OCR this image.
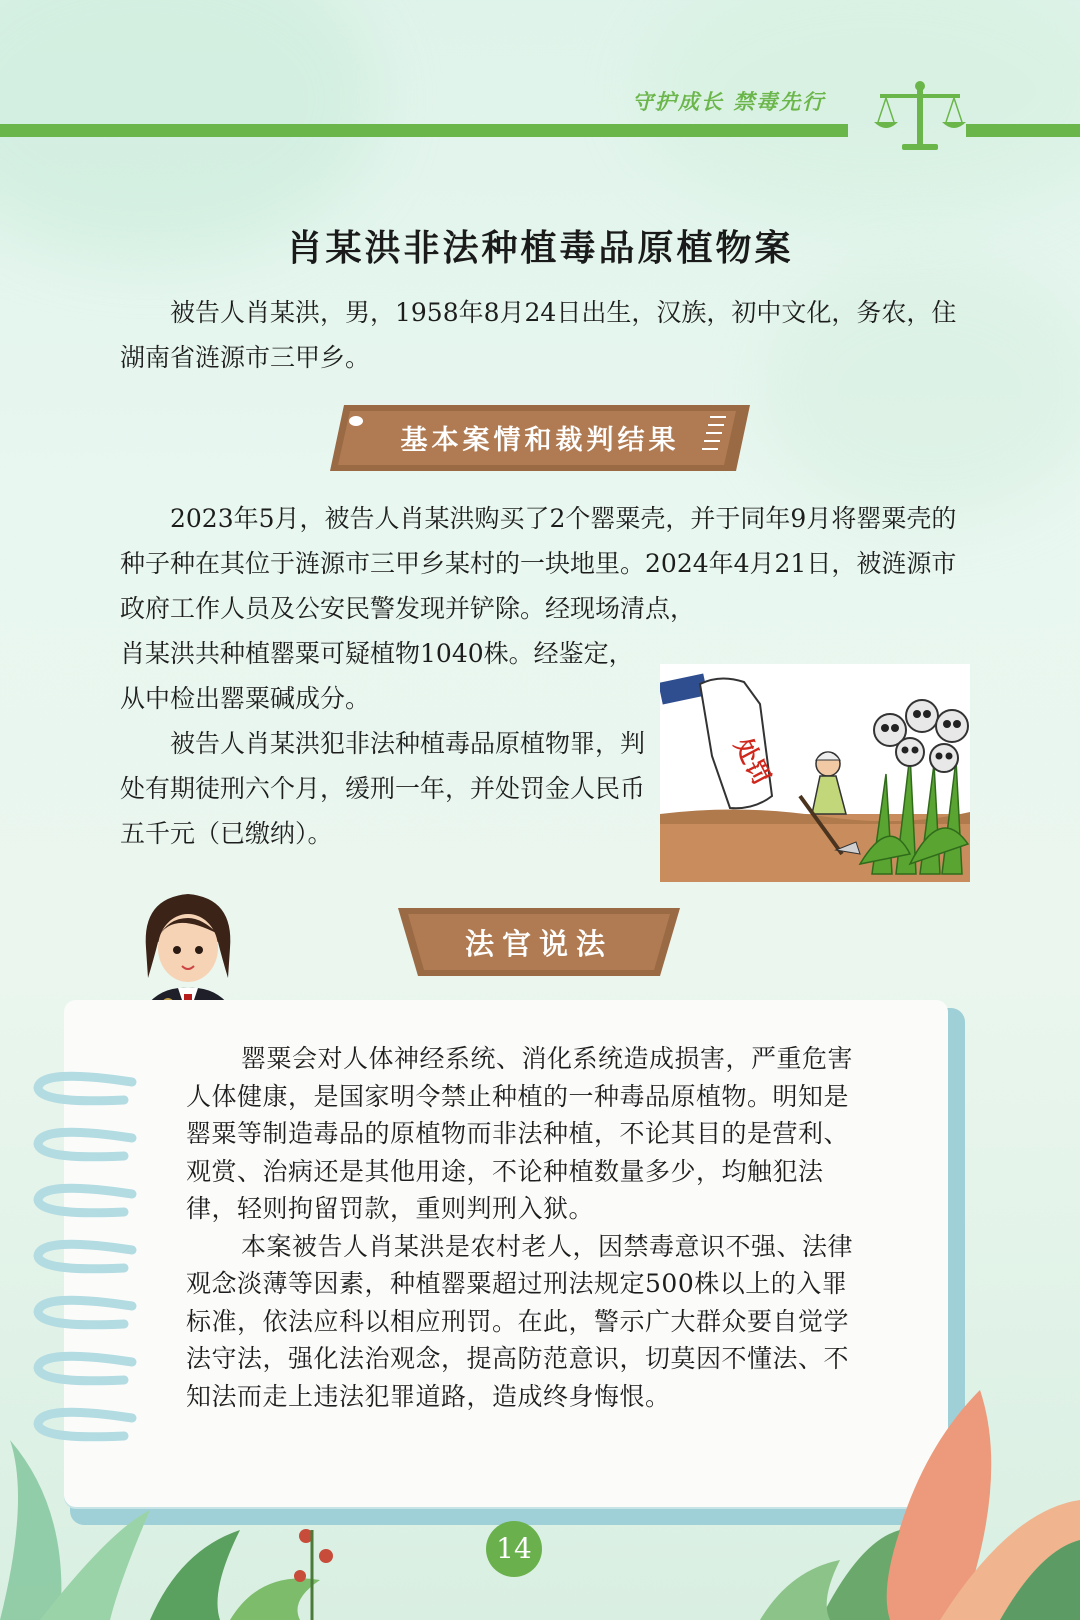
守护成长 禁毒先行
肖某洪非法种植毒品原植物案

被告人肖某洪，男，1958年8月24日出生，汉族，初中文化，务农，住湖南省涟源市三甲乡。

基本案情和裁判结果

2023年5月，被告人肖某洪购买了2个罂粟壳，并于同年9月将罂粟壳的种子种在其位于涟源市三甲乡某村的一块地里。2024年4月21日，被涟源市政府工作人员及公安民警发现并铲除。经现场清点，

肖某洪共种植罂粟可疑植物1040株。经鉴定，从中检出罂粟碱成分。

被告人肖某洪犯非法种植毒品原植物罪，判处有期徒刑六个月，缓刑一年，并处罚金人民币五千元（已缴纳）。

处罚
法官说法

罂粟会对人体神经系统、消化系统造成损害，严重危害人体健康，是国家明令禁止种植的一种毒品原植物。明知是罂粟等制造毒品的原植物而非法种植，不论其目的是营利、观赏、治病还是其他用途，不论种植数量多少，均触犯法律，轻则拘留罚款，重则判刑入狱。

本案被告人肖某洪是农村老人，因禁毒意识不强、法律观念淡薄等因素，种植罂粟超过刑法规定500株以上的入罪标准，依法应科以相应刑罚。在此，警示广大群众要自觉学法守法，强化法治观念，提高防范意识，切莫因不懂法、不知法而走上违法犯罪道路，造成终身悔恨。

14
